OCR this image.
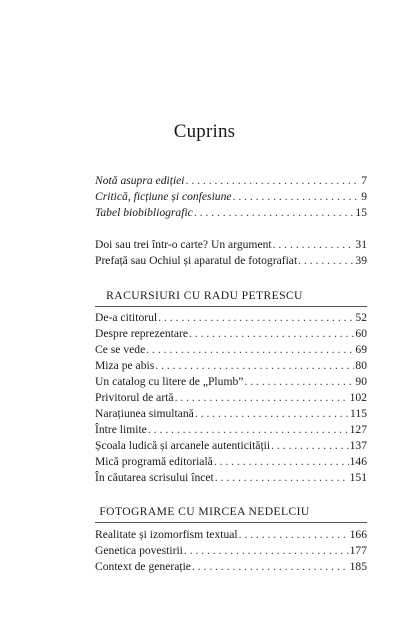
Cuprins
Notă asupra ediției . . .	7
Critică, ficțiune și confesiune . . .	9
Tabel biobibliografic . . .	15
Doi sau trei într-o carte? Un argument . . .	31
Prefață sau Ochiul și aparatul de fotografiat . . .	39
RACURSIURI CU RADU PETRESCU
De-a cititorul . . .	52
Despre reprezentare . . .	60
Ce se vede . . .	69
Miza pe abis . . .	80
Un catalog cu litere de „Plumb” . . .	90
Privitorul de artă . . .	102
Narațiunea simultană . . .	115
Între limite . . .	127
Școala ludică și arcanele autenticității . . .	137
Mică programă editorială . . .	146
În căutarea scrisului încet . . .	151
FOTOGRAME CU MIRCEA NEDELCIU
Realitate și izomorfism textual . . .	166
Genetica povestirii . . .	177
Context de generație . . .	185
